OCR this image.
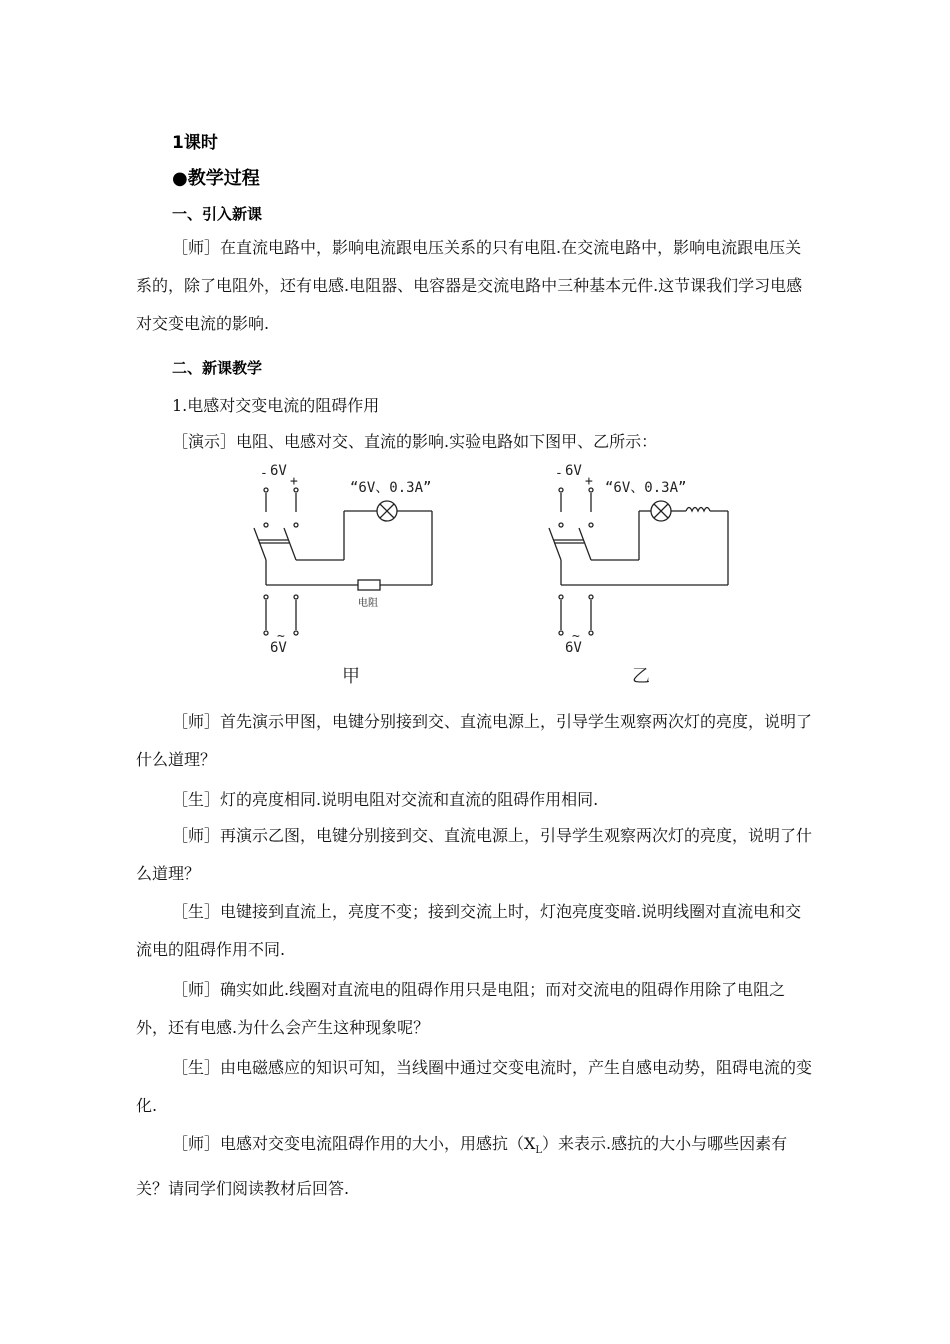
1课时
●教学过程
一、引入新课
［师］在直流电路中，影响电流跟电压关系的只有电阻.在交流电路中，影响电流跟电压关系的，除了电阻外，还有电感.电阻器、电容器是交流电路中三种基本元件.这节课我们学习电感对交变电流的影响.
二、新课教学
1.电感对交变电流的阻碍作用
［演示］电阻、电感对交、直流的影响.实验电路如下图甲、乙所示：
- 6V
+	“6V、0.3A”
电阻
~
6V
甲
- 6V
+ “6V、0.3A”
~
6V
乙
［师］首先演示甲图，电键分别接到交、直流电源上，引导学生观察两次灯的亮度，说明了什么道理？
［生］灯的亮度相同.说明电阻对交流和直流的阻碍作用相同.
［师］再演示乙图，电键分别接到交、直流电源上，引导学生观察两次灯的亮度，说明了什么道理？
［生］电键接到直流上，亮度不变；接到交流上时，灯泡亮度变暗.说明线圈对直流电和交流电的阻碍作用不同.
［师］确实如此.线圈对直流电的阻碍作用只是电阻；而对交流电的阻碍作用除了电阻之外，还有电感.为什么会产生这种现象呢？
［生］由电磁感应的知识可知，当线圈中通过交变电流时，产生自感电动势，阻碍电流的变化.
［师］电感对交变电流阻碍作用的大小，用感抗$(X_L)$来表示.感抗的大小与哪些因素有关？请同学们阅读教材后回答.
